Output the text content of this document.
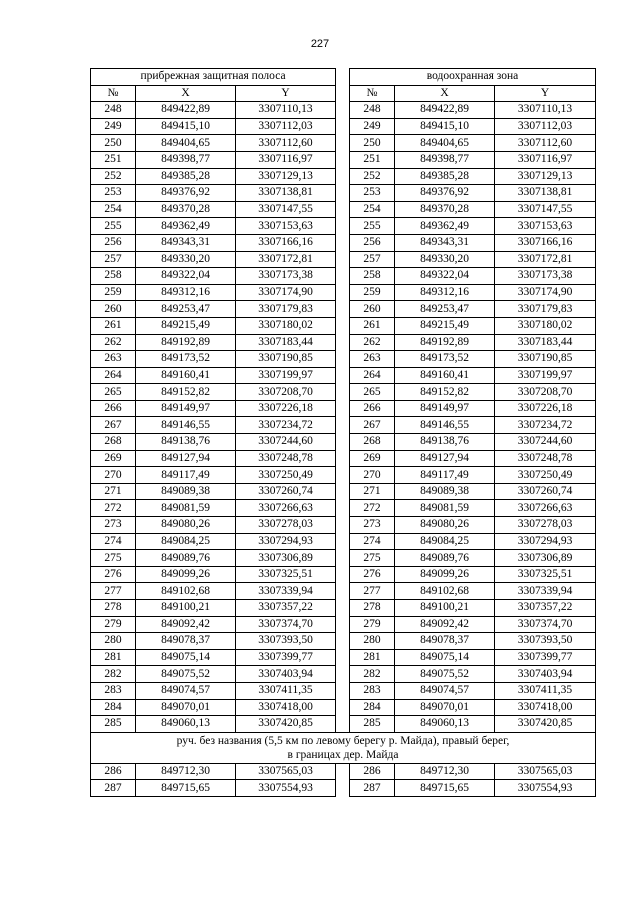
227
прибрежная защитная полоса				водоохранная зона		
№	X	Y		№	X	Y
248	849422,89	3307110,13		248	849422,89	3307110,13
249	849415,10	3307112,03		249	849415,10	3307112,03
250	849404,65	3307112,60		250	849404,65	3307112,60
251	849398,77	3307116,97		251	849398,77	3307116,97
252	849385,28	3307129,13		252	849385,28	3307129,13
253	849376,92	3307138,81		253	849376,92	3307138,81
254	849370,28	3307147,55		254	849370,28	3307147,55
255	849362,49	3307153,63		255	849362,49	3307153,63
256	849343,31	3307166,16		256	849343,31	3307166,16
257	849330,20	3307172,81		257	849330,20	3307172,81
258	849322,04	3307173,38		258	849322,04	3307173,38
259	849312,16	3307174,90		259	849312,16	3307174,90
260	849253,47	3307179,83		260	849253,47	3307179,83
261	849215,49	3307180,02		261	849215,49	3307180,02
262	849192,89	3307183,44		262	849192,89	3307183,44
263	849173,52	3307190,85		263	849173,52	3307190,85
264	849160,41	3307199,97		264	849160,41	3307199,97
265	849152,82	3307208,70		265	849152,82	3307208,70
266	849149,97	3307226,18		266	849149,97	3307226,18
267	849146,55	3307234,72		267	849146,55	3307234,72
268	849138,76	3307244,60		268	849138,76	3307244,60
269	849127,94	3307248,78		269	849127,94	3307248,78
270	849117,49	3307250,49		270	849117,49	3307250,49
271	849089,38	3307260,74		271	849089,38	3307260,74
272	849081,59	3307266,63		272	849081,59	3307266,63
273	849080,26	3307278,03		273	849080,26	3307278,03
274	849084,25	3307294,93		274	849084,25	3307294,93
275	849089,76	3307306,89		275	849089,76	3307306,89
276	849099,26	3307325,51		276	849099,26	3307325,51
277	849102,68	3307339,94		277	849102,68	3307339,94
278	849100,21	3307357,22		278	849100,21	3307357,22
279	849092,42	3307374,70		279	849092,42	3307374,70
280	849078,37	3307393,50		280	849078,37	3307393,50
281	849075,14	3307399,77		281	849075,14	3307399,77
282	849075,52	3307403,94		282	849075,52	3307403,94
283	849074,57	3307411,35		283	849074,57	3307411,35
284	849070,01	3307418,00		284	849070,01	3307418,00
285	849060,13	3307420,85		285	849060,13	3307420,85

руч. без названия (5,5 км по левому берегу р. Майда), правый берег,
в границах дер. Майда						

286	849712,30	3307565,03		286	849712,30	3307565,03
287	849715,65	3307554,93		287	849715,65	3307554,93
